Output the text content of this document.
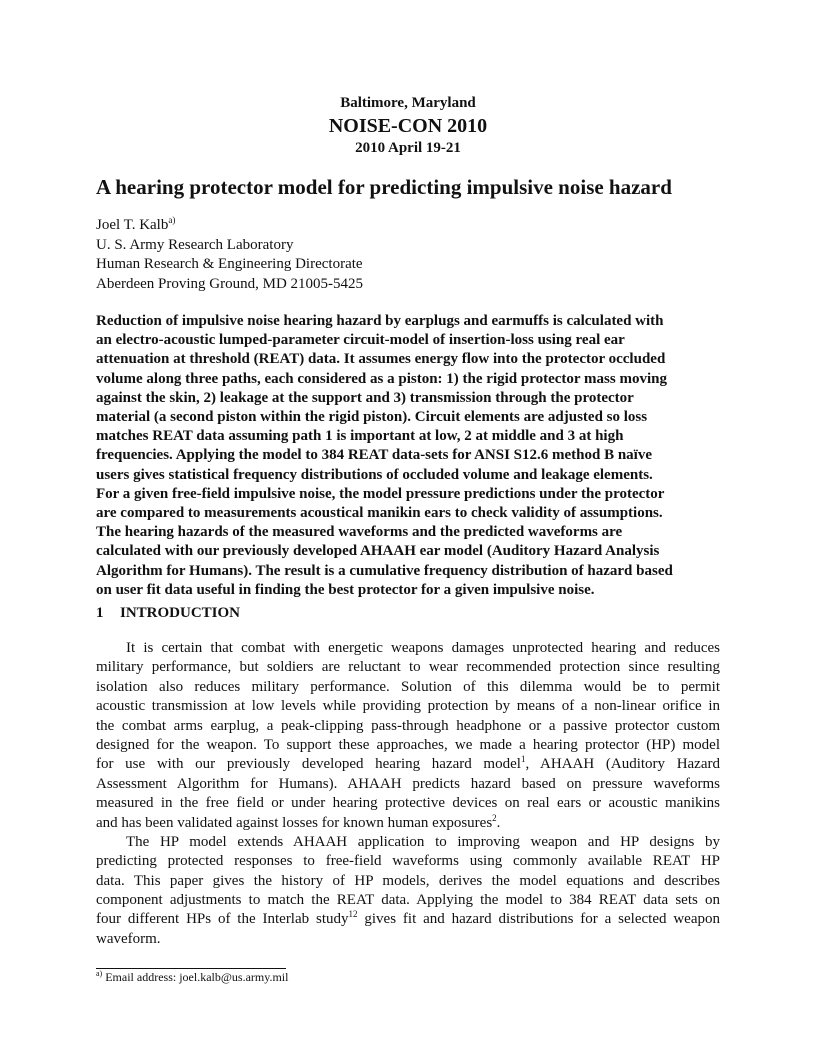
Baltimore, Maryland
NOISE-CON 2010
2010 April 19-21
A hearing protector model for predicting impulsive noise hazard
Joel T. Kalb$^{a)}$
U. S. Army Research Laboratory
Human Research & Engineering Directorate
Aberdeen Proving Ground, MD 21005-5425
Reduction of impulsive noise hearing hazard by earplugs and earmuffs is calculated with
an electro-acoustic lumped-parameter circuit-model of insertion-loss using real ear
attenuation at threshold (REAT) data. It assumes energy flow into the protector occluded
volume along three paths, each considered as a piston: 1) the rigid protector mass moving
against the skin, 2) leakage at the support and 3) transmission through the protector
material (a second piston within the rigid piston). Circuit elements are adjusted so loss
matches REAT data assuming path 1 is important at low, 2 at middle and 3 at high
frequencies. Applying the model to 384 REAT data-sets for ANSI S12.6 method B naïve
users gives statistical frequency distributions of occluded volume and leakage elements.
For a given free-field impulsive noise, the model pressure predictions under the protector
are compared to measurements acoustical manikin ears to check validity of assumptions.
The hearing hazards of the measured waveforms and the predicted waveforms are
calculated with our previously developed AHAAH ear model (Auditory Hazard Analysis
Algorithm for Humans). The result is a cumulative frequency distribution of hazard based
on user fit data useful in finding the best protector for a given impulsive noise.
1 INTRODUCTION
It is certain that combat with energetic weapons damages unprotected hearing and reduces
military performance, but soldiers are reluctant to wear recommended protection since resulting
isolation also reduces military performance. Solution of this dilemma would be to permit
acoustic transmission at low levels while providing protection by means of a non-linear orifice in
the combat arms earplug, a peak-clipping pass-through headphone or a passive protector custom
designed for the weapon. To support these approaches, we made a hearing protector (HP) model
for use with our previously developed hearing hazard model$^1$, AHAAH (Auditory Hazard
Assessment Algorithm for Humans). AHAAH predicts hazard based on pressure waveforms
measured in the free field or under hearing protective devices on real ears or acoustic manikins
and has been validated against losses for known human exposures$^2$.
The HP model extends AHAAH application to improving weapon and HP designs by
predicting protected responses to free-field waveforms using commonly available REAT HP
data. This paper gives the history of HP models, derives the model equations and describes
component adjustments to match the REAT data. Applying the model to 384 REAT data sets on
four different HPs of the Interlab study$^{12}$ gives fit and hazard distributions for a selected weapon
waveform.
$^{a)}$ Email address: joel.kalb@us.army.mil
